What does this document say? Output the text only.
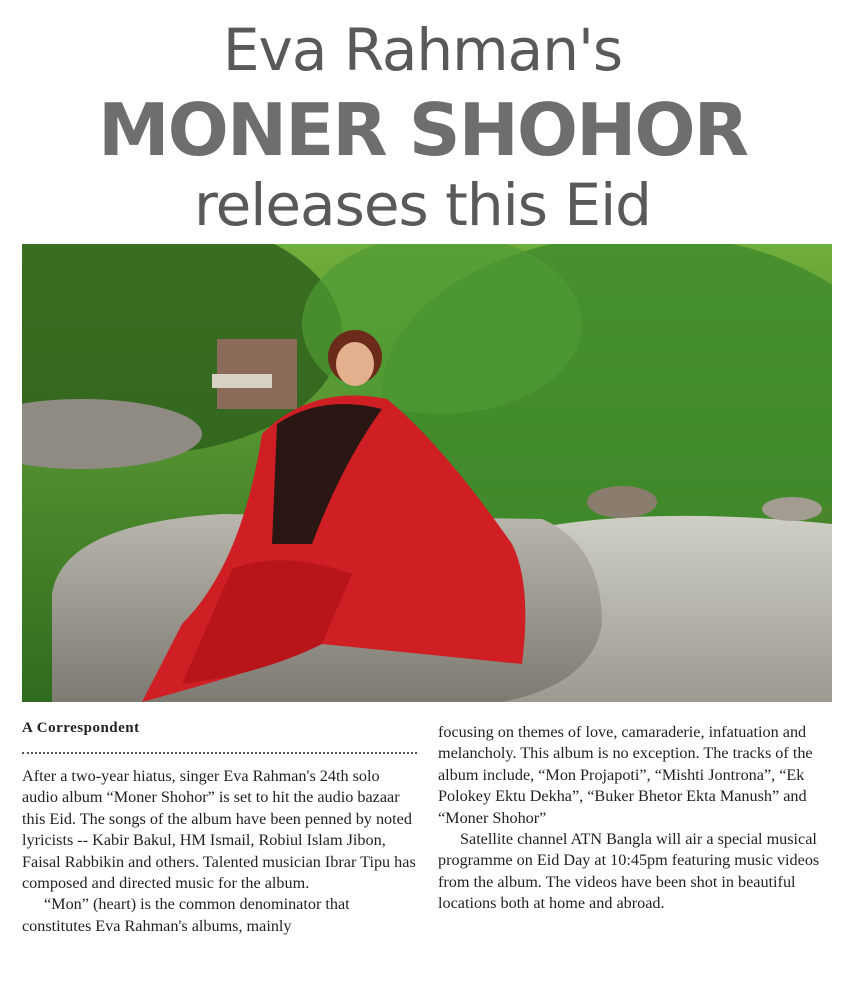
Eva Rahman's
MONER SHOHOR
releases this Eid
A Correspondent

After a two-year hiatus, singer Eva Rahman's 24th solo audio album “Moner Shohor” is set to hit the audio bazaar this Eid. The songs of the album have been penned by noted lyricists -- Kabir Bakul, HM Ismail, Robiul Islam Jibon, Faisal Rabbikin and others. Talented musician Ibrar Tipu has composed and directed music for the album.

“Mon” (heart) is the common denominator that constitutes Eva Rahman's albums, mainly

focusing on themes of love, camaraderie, infatuation and melancholy. This album is no exception. The tracks of the album include, “Mon Projapoti”, “Mishti Jontrona”, “Ek Polokey Ektu Dekha”, “Buker Bhetor Ekta Manush” and “Moner Shohor”

Satellite channel ATN Bangla will air a special musical programme on Eid Day at 10:45pm featuring music videos from the album. The videos have been shot in beautiful locations both at home and abroad.
